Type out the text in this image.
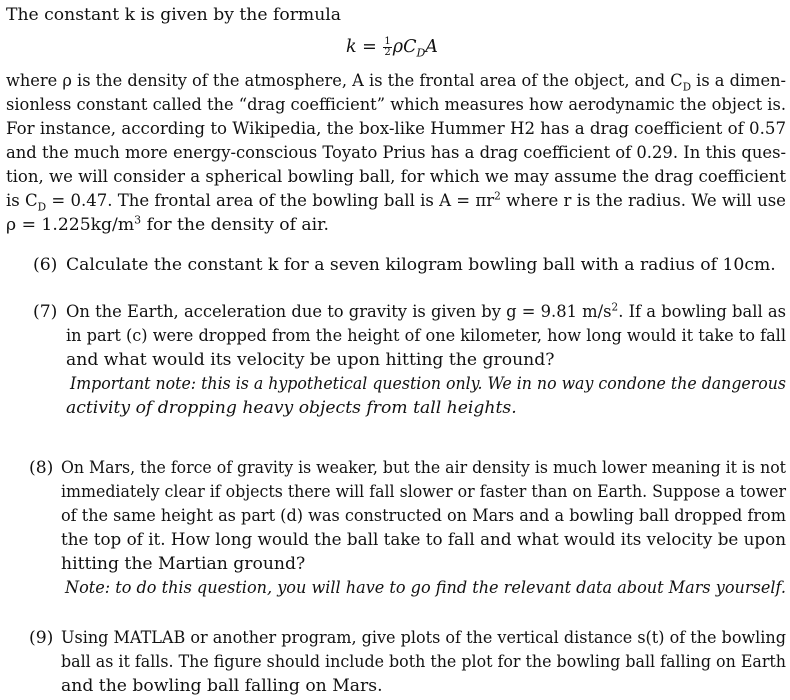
The constant k is given by the formula
$k = \frac{1}{2} \rho C_DA$
where ρ is the density of the atmosphere, A is the frontal area of the object, and $C_D$ is a dimen-
sionless constant called the “drag coefficient” which measures how aerodynamic the object is.
For instance, according to Wikipedia, the box-like Hummer H2 has a drag coefficient of 0.57
and the much more energy-conscious Toyato Prius has a drag coefficient of 0.29. In this ques-
tion, we will consider a spherical bowling ball, for which we may assume the drag coefficient
is $C_D = 0.47$. The frontal area of the bowling ball is $A = \pi r^2$ where r is the radius. We will use
$\rho = 1.225kg/m^3$ for the density of air.
(6) Calculate the constant k for a seven kilogram bowling ball with a radius of 10cm.
(7) On the Earth, acceleration due to gravity is given by g = 9.81 $m/s^2$. If a bowling ball as
in part (c) were dropped from the height of one kilometer, how long would it take to fall
and what would its velocity be upon hitting the ground?
Important note: this is a hypothetical question only. We in no way condone the dangerous
activity of dropping heavy objects from tall heights.
(8) On Mars, the force of gravity is weaker, but the air density is much lower meaning it is not
immediately clear if objects there will fall slower or faster than on Earth. Suppose a tower
of the same height as part (d) was constructed on Mars and a bowling ball dropped from
the top of it. How long would the ball take to fall and what would its velocity be upon
hitting the Martian ground?
Note: to do this question, you will have to go find the relevant data about Mars yourself.
(9) Using MATLAB or another program, give plots of the vertical distance s(t) of the bowling
ball as it falls. The figure should include both the plot for the bowling ball falling on Earth
and the bowling ball falling on Mars.
